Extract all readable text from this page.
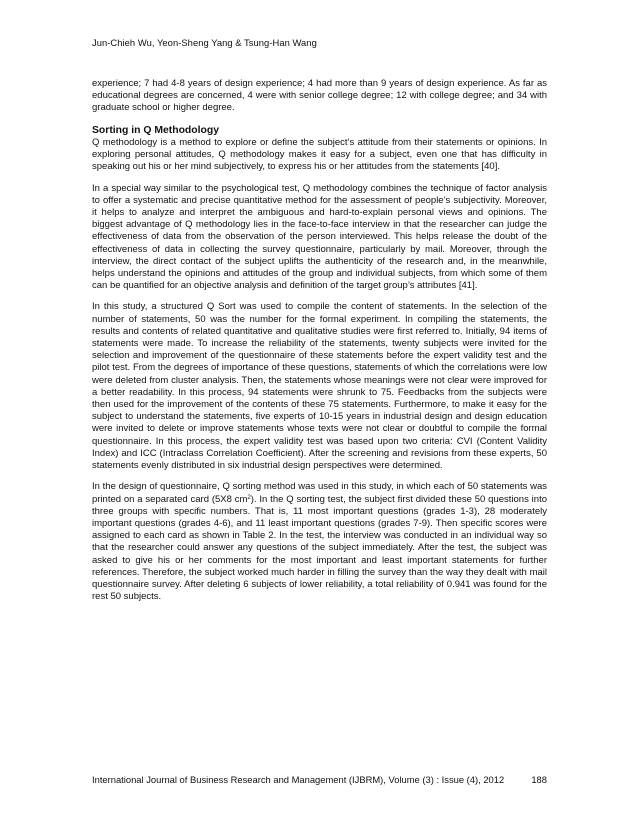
Jun-Chieh Wu, Yeon-Sheng Yang & Tsung-Han Wang

experience; 7 had 4-8 years of design experience; 4 had more than 9 years of design experience. As far as educational degrees are concerned, 4 were with senior college degree; 12 with college degree; and 34 with graduate school or higher degree.

Sorting in Q Methodology

Q methodology is a method to explore or define the subject’s attitude from their statements or opinions. In exploring personal attitudes, Q methodology makes it easy for a subject, even one that has difficulty in speaking out his or her mind subjectively, to express his or her attitudes from the statements [40].

In a special way similar to the psychological test, Q methodology combines the technique of factor analysis to offer a systematic and precise quantitative method for the assessment of people’s subjectivity. Moreover, it helps to analyze and interpret the ambiguous and hard-to-explain personal views and opinions. The biggest advantage of Q methodology lies in the face-to-face interview in that the researcher can judge the effectiveness of data from the observation of the person interviewed. This helps release the doubt of the effectiveness of data in collecting the survey questionnaire, particularly by mail. Moreover, through the interview, the direct contact of the subject uplifts the authenticity of the research and, in the meanwhile, helps understand the opinions and attitudes of the group and individual subjects, from which some of them can be quantified for an objective analysis and definition of the target group’s attributes [41].

In this study, a structured Q Sort was used to compile the content of statements. In the selection of the number of statements, 50 was the number for the formal experiment. In compiling the statements, the results and contents of related quantitative and qualitative studies were first referred to. Initially, 94 items of statements were made. To increase the reliability of the statements, twenty subjects were invited for the selection and improvement of the questionnaire of these statements before the expert validity test and the pilot test. From the degrees of importance of these questions, statements of which the correlations were low were deleted from cluster analysis. Then, the statements whose meanings were not clear were improved for a better readability. In this process, 94 statements were shrunk to 75. Feedbacks from the subjects were then used for the improvement of the contents of these 75 statements. Furthermore, to make it easy for the subject to understand the statements, five experts of 10-15 years in industrial design and design education were invited to delete or improve statements whose texts were not clear or doubtful to compile the formal questionnaire. In this process, the expert validity test was based upon two criteria: CVI (Content Validity Index) and ICC (Intraclass Correlation Coefficient). After the screening and revisions from these experts, 50 statements evenly distributed in six industrial design perspectives were determined.

In the design of questionnaire, Q sorting method was used in this study, in which each of 50 statements was printed on a separated card (5X8 $cm^2$). In the Q sorting test, the subject first divided these 50 questions into three groups with specific numbers. That is, 11 most important questions (grades 1-3), 28 moderately important questions (grades 4-6), and 11 least important questions (grades 7-9). Then specific scores were assigned to each card as shown in Table 2. In the test, the interview was conducted in an individual way so that the researcher could answer any questions of the subject immediately. After the test, the subject was asked to give his or her comments for the most important and least important statements for further references. Therefore, the subject worked much harder in filling the survey than the way they dealt with mail questionnaire survey. After deleting 6 subjects of lower reliability, a total reliability of 0.941 was found for the rest 50 subjects.

International Journal of Business Research and Management (IJBRM), Volume (3) : Issue (4), 2012	188
